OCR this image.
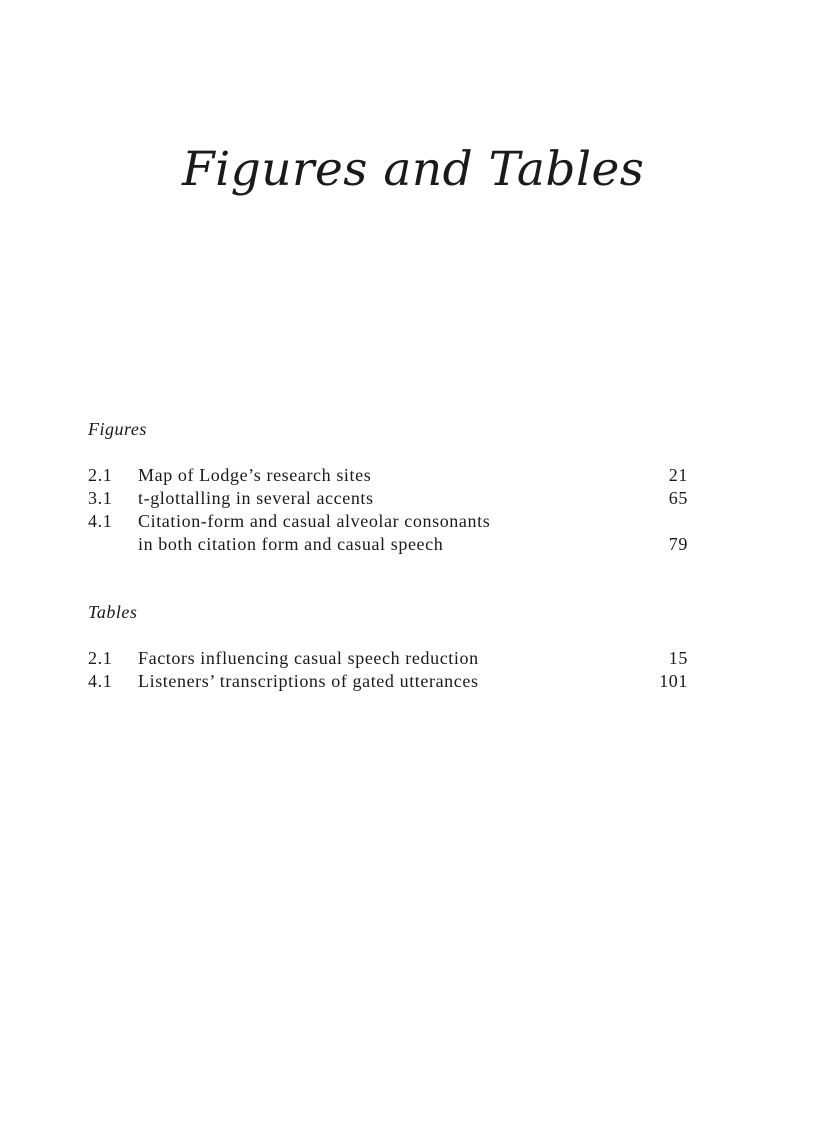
Figures and Tables
Figures
2.1	Map of Lodge’s research sites	21
3.1	t-glottalling in several accents	65
4.1	Citation-form and casual alveolar consonants
in both citation form and casual speech	79
Tables
2.1	Factors influencing casual speech reduction	15
4.1	Listeners’ transcriptions of gated utterances	101
